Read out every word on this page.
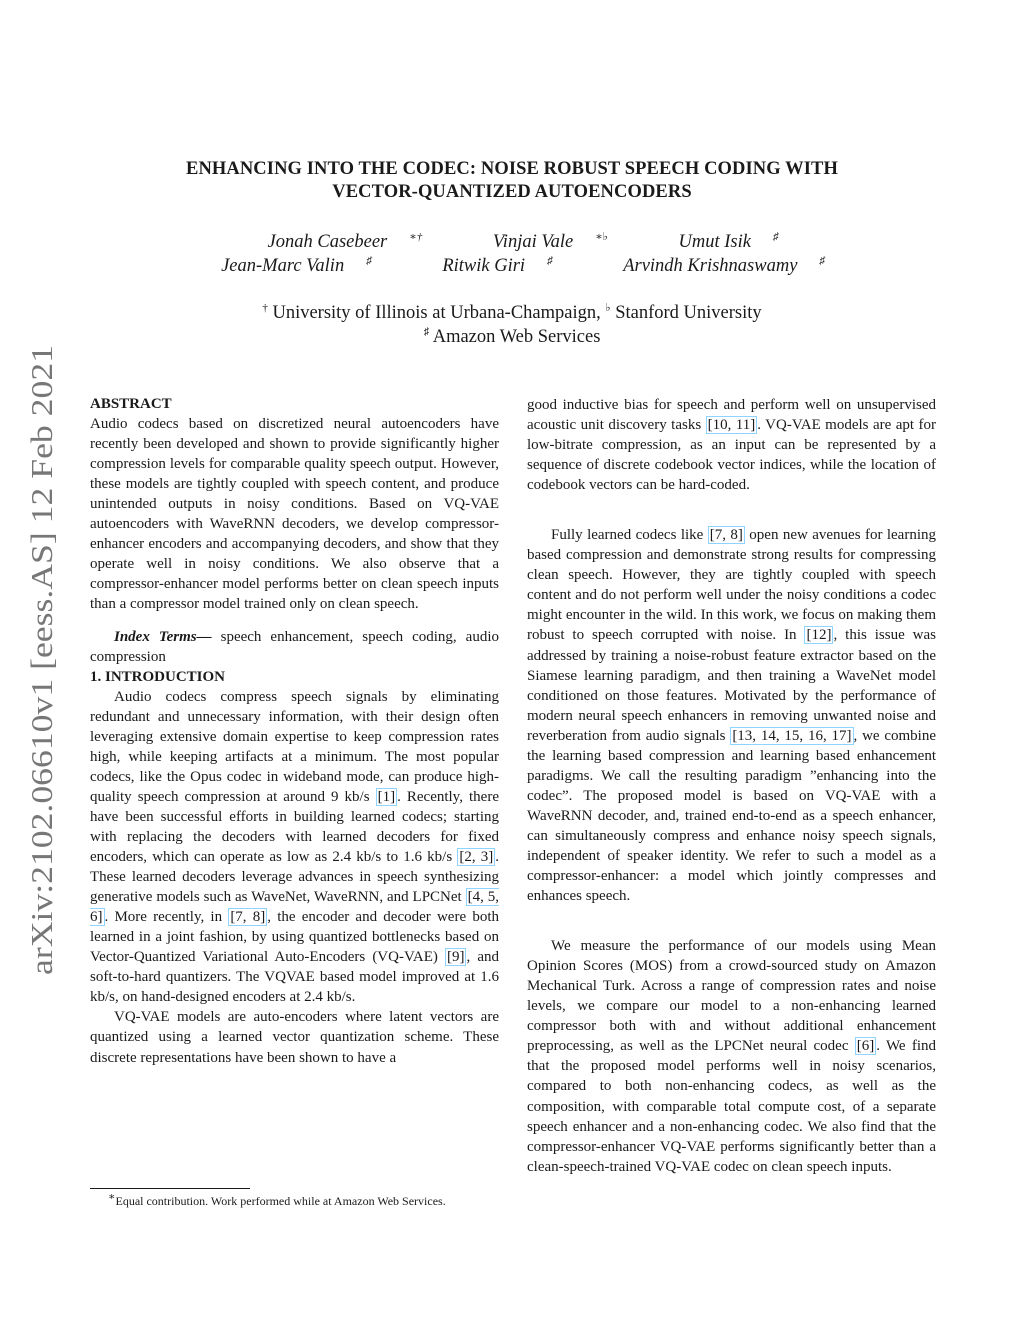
arXiv:2102.06610v1 [eess.AS] 12 Feb 2021
ENHANCING INTO THE CODEC: NOISE ROBUST SPEECH CODING WITH
VECTOR-QUANTIZED AUTOENCODERS
Jonah Casebeer ∗†	Vinjai Vale ∗♭	Umut Isik ♯
Jean-Marc Valin ♯	Ritwik Giri ♯	Arvindh Krishnaswamy ♯
† University of Illinois at Urbana-Champaign, ♭ Stanford University
♯ Amazon Web Services

ABSTRACT

Audio codecs based on discretized neural autoencoders have recently been developed and shown to provide significantly higher compression levels for comparable quality speech output. However, these models are tightly coupled with speech content, and produce unintended outputs in noisy conditions. Based on VQ-VAE autoencoders with WaveRNN decoders, we develop compressor-enhancer encoders and accompanying decoders, and show that they operate well in noisy conditions. We also observe that a compressor-enhancer model performs better on clean speech inputs than a compressor model trained only on clean speech.

Index Terms— speech enhancement, speech coding, audio compression

1. INTRODUCTION

Audio codecs compress speech signals by eliminating redundant and unnecessary information, with their design often leveraging extensive domain expertise to keep compression rates high, while keeping artifacts at a minimum. The most popular codecs, like the Opus codec in wideband mode, can produce high-quality speech compression at around 9 kb/s [1] . Recently, there have been successful efforts in building learned codecs; starting with replacing the decoders with learned decoders for fixed encoders, which can operate as low as 2.4 kb/s to 1.6 kb/s [2, 3] . These learned decoders leverage advances in speech synthesizing generative models such as WaveNet, WaveRNN, and LPCNet [4, 5, 6] . More recently, in [7, 8] , the encoder and decoder were both learned in a joint fashion, by using quantized bottlenecks based on Vector-Quantized Variational Auto-Encoders (VQ-VAE) [9] , and soft-to-hard quantizers. The VQVAE based model improved at 1.6 kb/s, on hand-designed encoders at 2.4 kb/s.

VQ-VAE models are auto-encoders where latent vectors are quantized using a learned vector quantization scheme. These discrete representations have been shown to have a

∗Equal contribution. Work performed while at Amazon Web Services.

good inductive bias for speech and perform well on unsupervised acoustic unit discovery tasks [10, 11] . VQ-VAE models are apt for low-bitrate compression, as an input can be represented by a sequence of discrete codebook vector indices, while the location of codebook vectors can be hard-coded.

Fully learned codecs like [7, 8] open new avenues for learning based compression and demonstrate strong results for compressing clean speech. However, they are tightly coupled with speech content and do not perform well under the noisy conditions a codec might encounter in the wild. In this work, we focus on making them robust to speech corrupted with noise. In [12] , this issue was addressed by training a noise-robust feature extractor based on the Siamese learning paradigm, and then training a WaveNet model conditioned on those features. Motivated by the performance of modern neural speech enhancers in removing unwanted noise and reverberation from audio signals [13, 14, 15, 16, 17] , we combine the learning based compression and learning based enhancement paradigms. We call the resulting paradigm ”enhancing into the codec”. The proposed model is based on VQ-VAE with a WaveRNN decoder, and, trained end-to-end as a speech enhancer, can simultaneously compress and enhance noisy speech signals, independent of speaker identity. We refer to such a model as a compressor-enhancer: a model which jointly compresses and enhances speech.

We measure the performance of our models using Mean Opinion Scores (MOS) from a crowd-sourced study on Amazon Mechanical Turk. Across a range of compression rates and noise levels, we compare our model to a non-enhancing learned compressor both with and without additional enhancement preprocessing, as well as the LPCNet neural codec [6] . We find that the proposed model performs well in noisy scenarios, compared to both non-enhancing codecs, as well as the composition, with comparable total compute cost, of a separate speech enhancer and a non-enhancing codec. We also find that the compressor-enhancer VQ-VAE performs significantly better than a clean-speech-trained VQ-VAE codec on clean speech inputs.
